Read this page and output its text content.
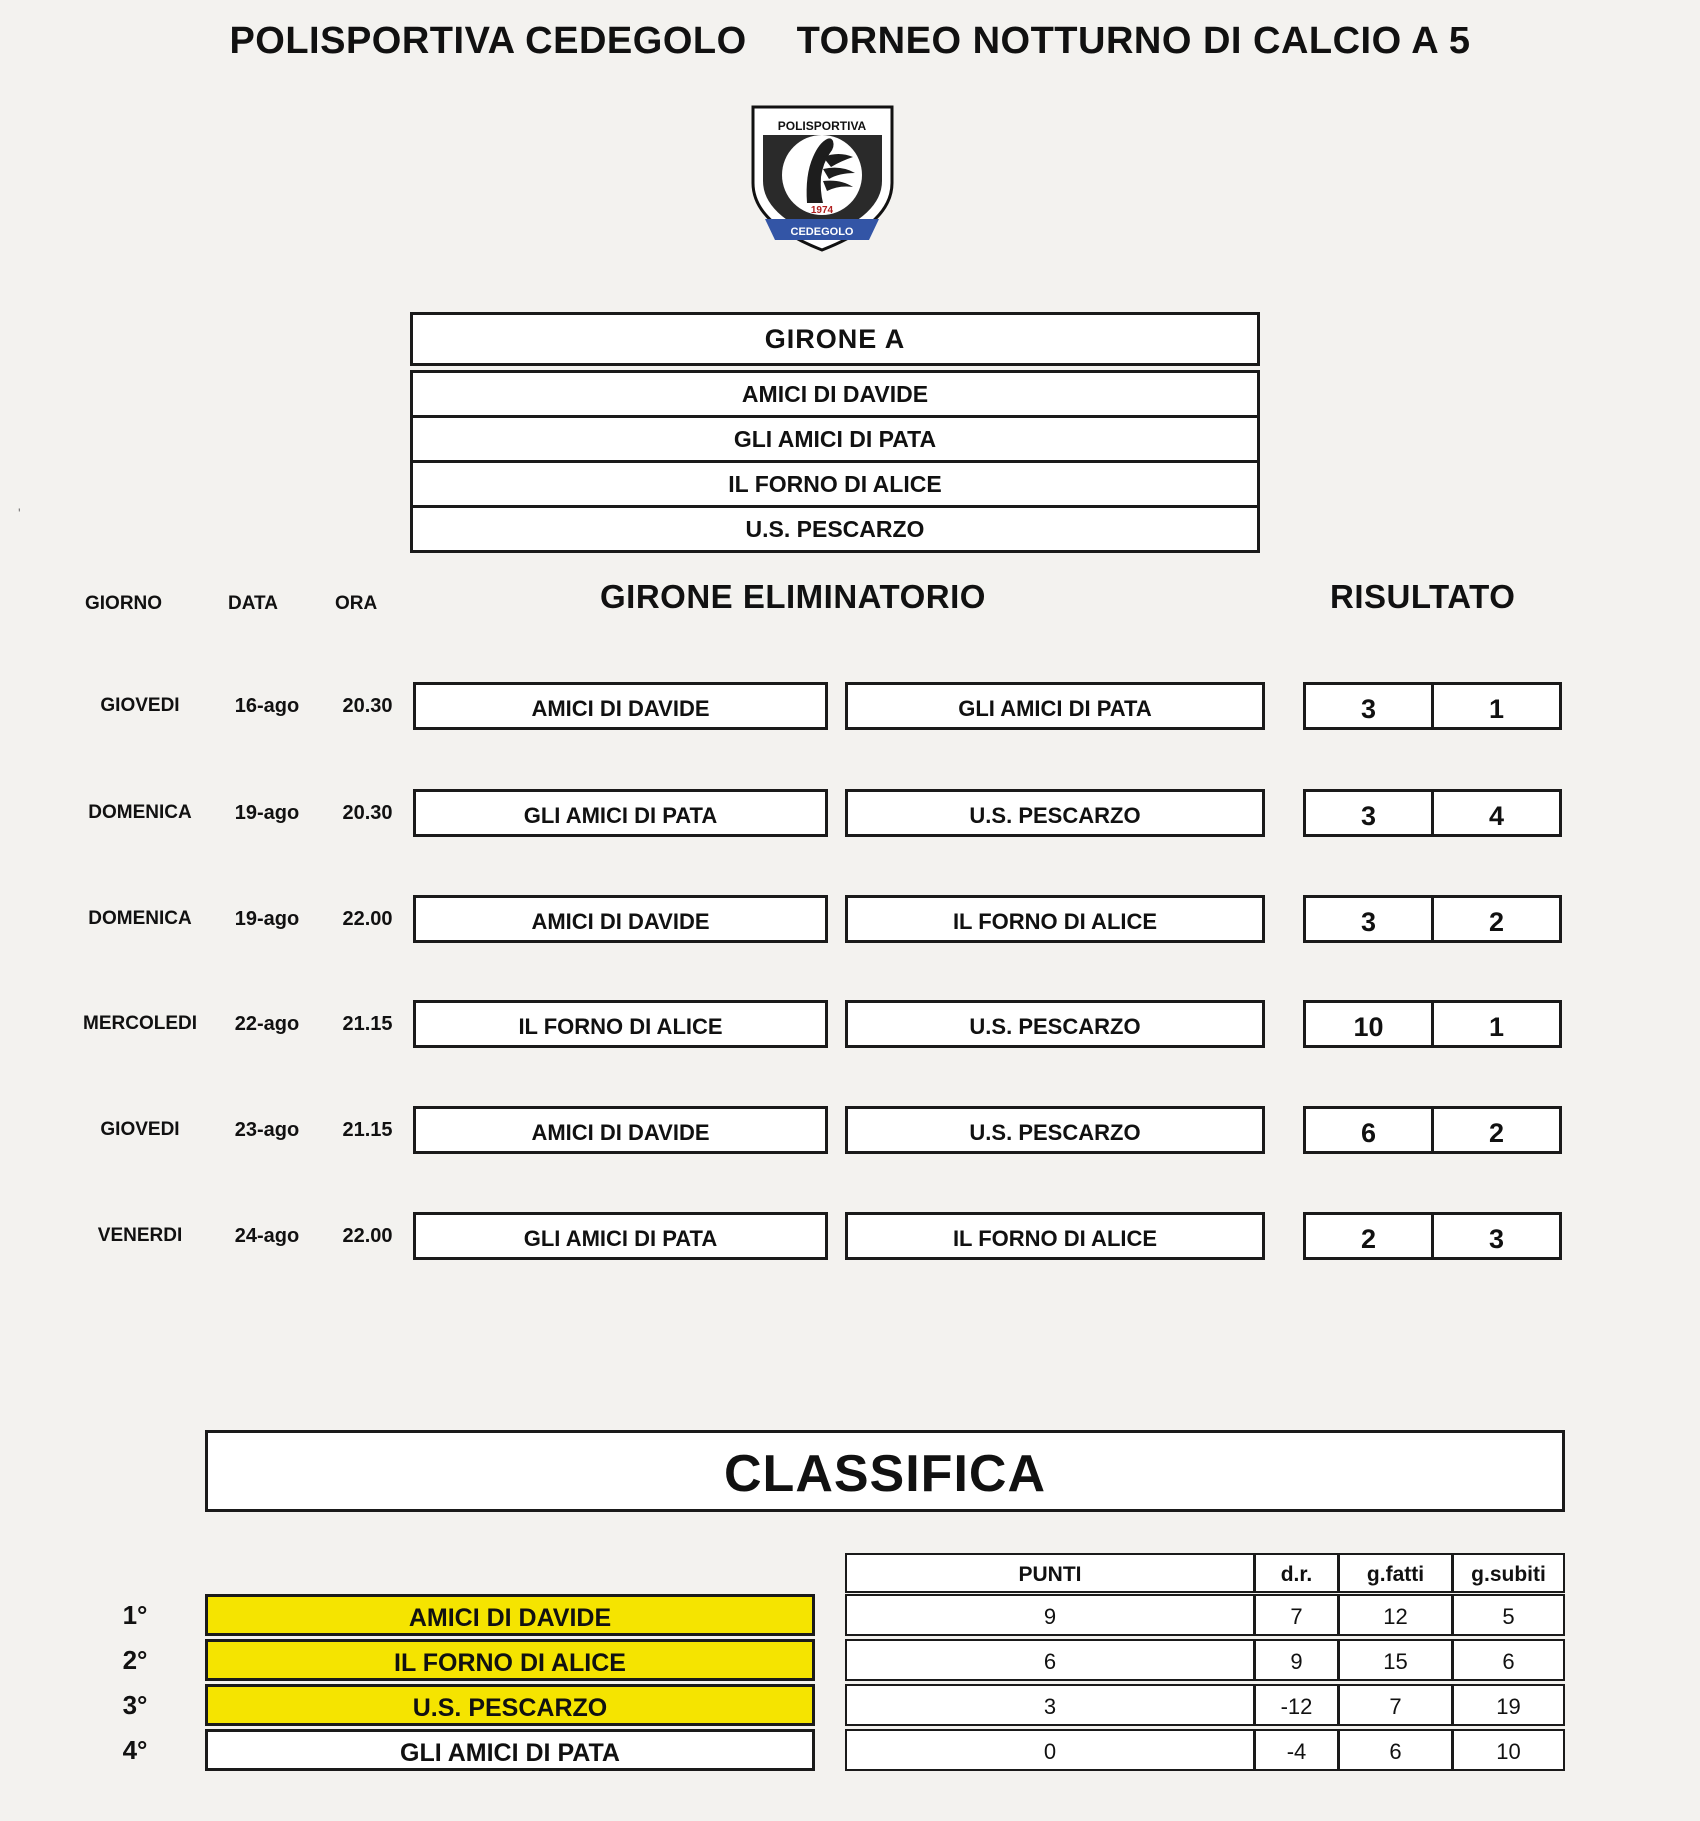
POLISPORTIVA CEDEGOLO TORNEO NOTTURNO DI CALCIO A 5
POLISPORTIVA
1974
CEDEGOLO
'
GIRONE A
AMICI DI DAVIDE
GLI AMICI DI PATA
IL FORNO DI ALICE
U.S. PESCARZO
GIORNO	DATA	ORA	GIRONE ELIMINATORIO	RISULTATO
GIOVEDI	16-ago	20.30	AMICI DI DAVIDE	GLI AMICI DI PATA	3	1
DOMENICA	19-ago	20.30	GLI AMICI DI PATA	U.S. PESCARZO	3	4
DOMENICA	19-ago	22.00	AMICI DI DAVIDE	IL FORNO DI ALICE	3	2
MERCOLEDI	22-ago	21.15	IL FORNO DI ALICE	U.S. PESCARZO	10	1
GIOVEDI	23-ago	21.15	AMICI DI DAVIDE	U.S. PESCARZO	6	2
VENERDI	24-ago	22.00	GLI AMICI DI PATA	IL FORNO DI ALICE	2	3
CLASSIFICA
PUNTI	d.r.	g.fatti	g.subiti
1°	AMICI DI DAVIDE	9	7	12	5
2°	IL FORNO DI ALICE	6	9	15	6
3°	U.S. PESCARZO	3	-12	7	19
4°	GLI AMICI DI PATA	0	-4	6	10
